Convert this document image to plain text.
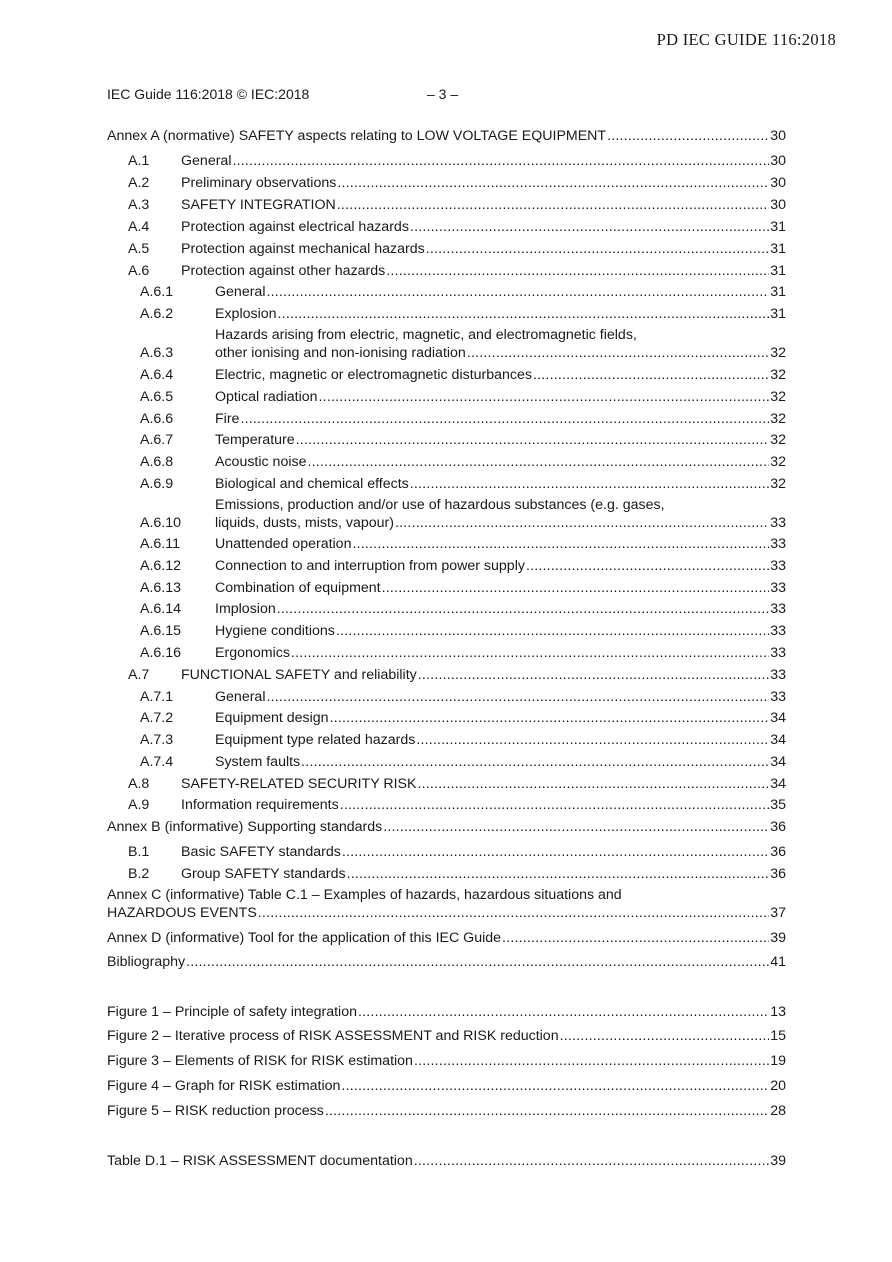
PD IEC GUIDE 116:2018
IEC Guide 116:2018 © IEC:2018	– 3 –
Annex A (normative) SAFETY aspects relating to LOW VOLTAGE EQUIPMENT .....	30
A.1 General .....	30
A.2 Preliminary observations .....	30
A.3 SAFETY INTEGRATION .....	30
A.4 Protection against electrical hazards .....	31
A.5 Protection against mechanical hazards .....	31
A.6 Protection against other hazards .....	31
A.6.1	General .....	31
A.6.2	Explosion .....	31
A.6.3
Hazards arising from electric, magnetic, and electromagnetic fields,
other ionising and non-ionising radiation .....	32
A.6.4	Electric, magnetic or electromagnetic disturbances .....	32
A.6.5	Optical radiation .....	32
A.6.6	Fire .....	32
A.6.7	Temperature .....	32
A.6.8	Acoustic noise .....	32
A.6.9	Biological and chemical effects .....	32
A.6.10
Emissions, production and/or use of hazardous substances (e.g. gases,
liquids, dusts, mists, vapour) .....	33
A.6.11 Unattended operation .....	33
A.6.12 Connection to and interruption from power supply .....	33
A.6.13 Combination of equipment .....	33
A.6.14 Implosion .....	33
A.6.15 Hygiene conditions .....	33
A.6.16 Ergonomics .....	33
A.7 FUNCTIONAL SAFETY and reliability .....	33
A.7.1	General .....	33
A.7.2	Equipment design .....	34
A.7.3	Equipment type related hazards .....	34
A.7.4	System faults .....	34
A.8 SAFETY-RELATED SECURITY RISK .....	34
A.9 Information requirements .....	35
Annex B (informative) Supporting standards .....	36
B.1 Basic SAFETY standards .....	36
B.2 Group SAFETY standards .....	36
Annex C (informative) Table C.1 – Examples of hazards, hazardous situations and
HAZARDOUS EVENTS .....	37
Annex D (informative) Tool for the application of this IEC Guide .....	39
Bibliography .....	41
Figure 1 – Principle of safety integration .....	13
Figure 2 – Iterative process of RISK ASSESSMENT and RISK reduction .....	15
Figure 3 – Elements of RISK for RISK estimation .....	19
Figure 4 – Graph for RISK estimation .....	20
Figure 5 – RISK reduction process .....	28
Table D.1 – RISK ASSESSMENT documentation .....	39
